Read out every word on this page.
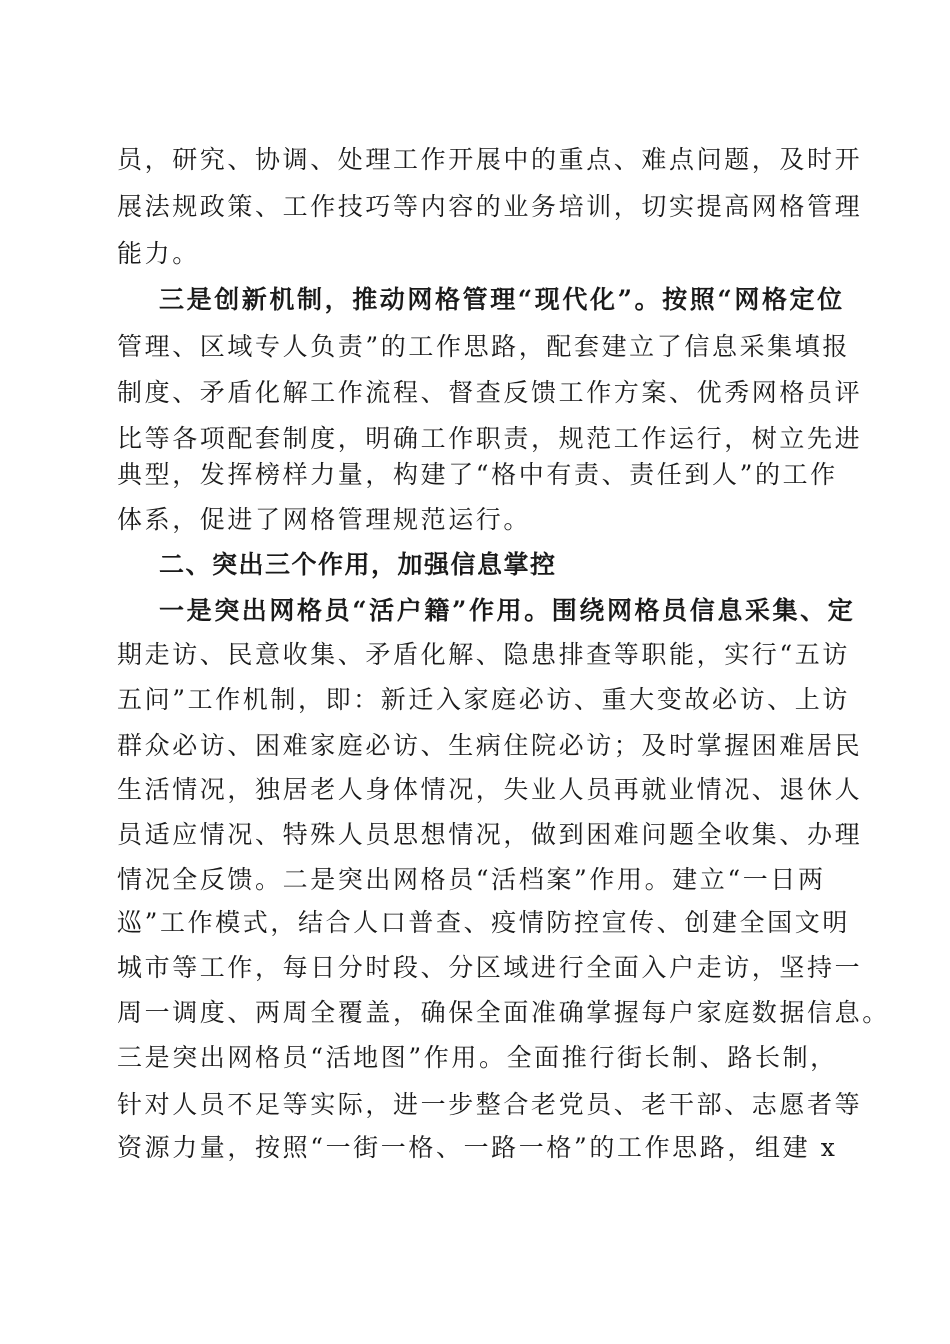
员，研究、协调、处理工作开展中的重点、难点问题，及时开
展法规政策、工作技巧等内容的业务培训，切实提高网格管理
能力。
三是创新机制，推动网格管理“现代化”。按照“网格定位
管理、区域专人负责”的工作思路，配套建立了信息采集填报
制度、矛盾化解工作流程、督查反馈工作方案、优秀网格员评
比等各项配套制度，明确工作职责，规范工作运行，树立先进
典型，发挥榜样力量，构建了“格中有责、责任到人”的工作
体系，促进了网格管理规范运行。
二、突出三个作用，加强信息掌控
一是突出网格员“活户籍”作用。围绕网格员信息采集、定
期走访、民意收集、矛盾化解、隐患排查等职能，实行“五访
五问”工作机制，即：新迁入家庭必访、重大变故必访、上访
群众必访、困难家庭必访、生病住院必访；及时掌握困难居民
生活情况，独居老人身体情况，失业人员再就业情况、退休人
员适应情况、特殊人员思想情况，做到困难问题全收集、办理
情况全反馈。二是突出网格员“活档案”作用。建立“一日两
巡”工作模式，结合人口普查、疫情防控宣传、创建全国文明
城市等工作，每日分时段、分区域进行全面入户走访，坚持一
周一调度、两周全覆盖，确保全面准确掌握每户家庭数据信息。
三是突出网格员“活地图”作用。全面推行街长制、路长制，
针对人员不足等实际，进一步整合老党员、老干部、志愿者等
资源力量，按照“一街一格、一路一格”的工作思路，组建 x
